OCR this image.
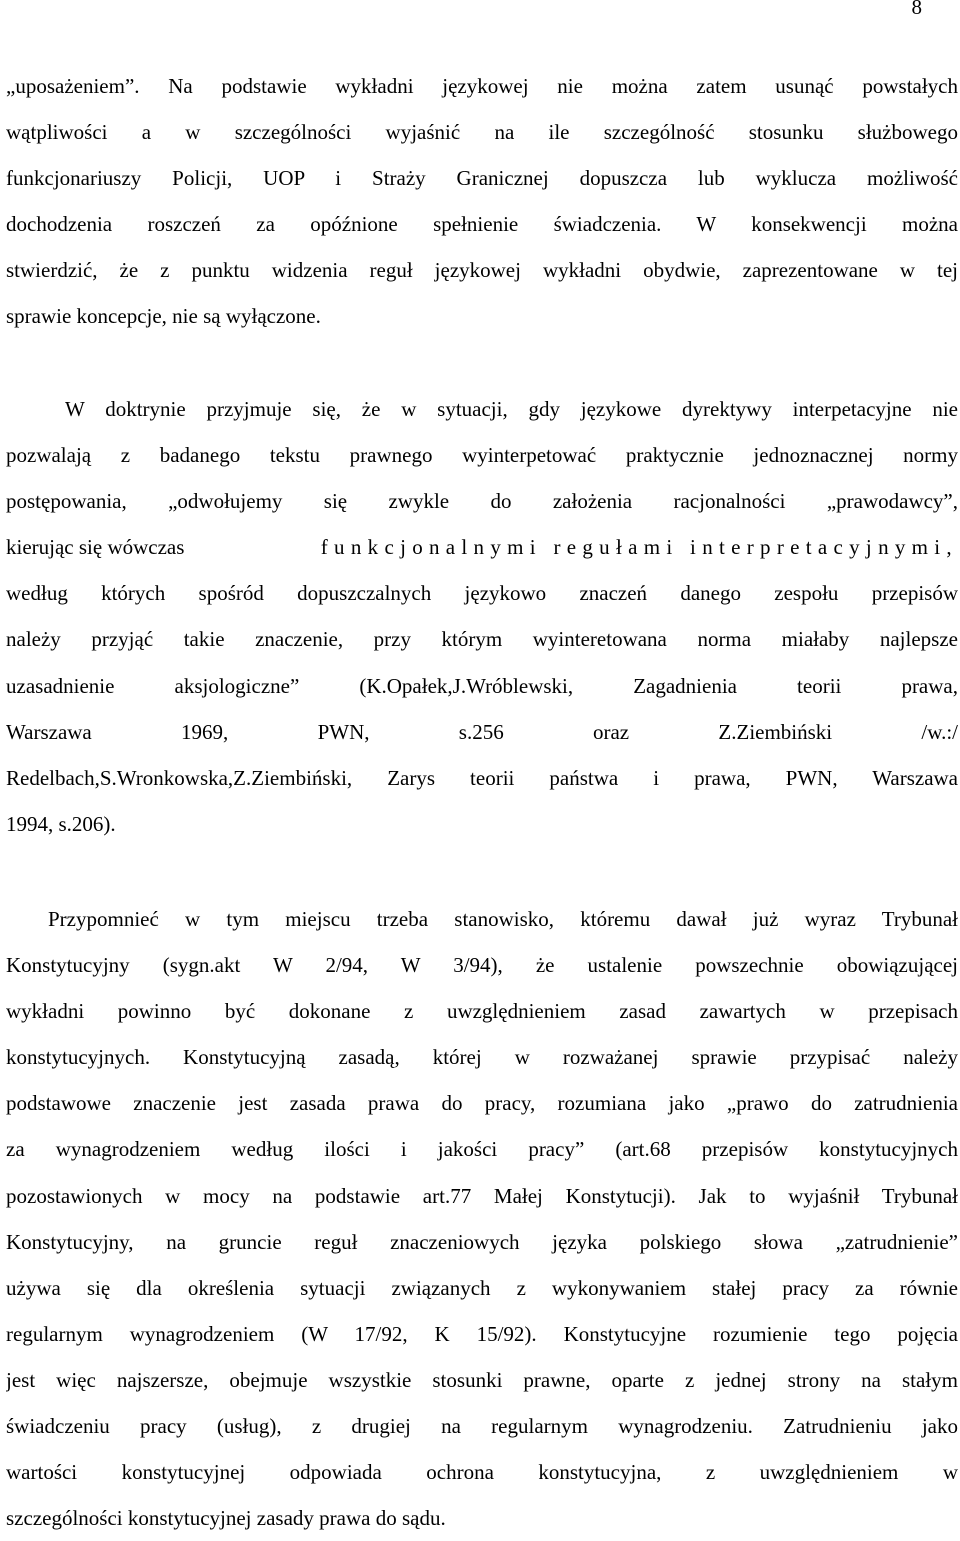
8
„uposażeniem”. Na podstawie wykładni językowej nie można zatem usunąć powstałych
wątpliwości a w szczególności wyjaśnić na ile szczególność stosunku służbowego
funkcjonariuszy Policji, UOP i Straży Granicznej dopuszcza lub wyklucza możliwość
dochodzenia roszczeń za opóźnione spełnienie świadczenia. W konsekwencji można
stwierdzić, że z punktu widzenia reguł językowej wykładni obydwie, zaprezentowane w tej
sprawie koncepcje, nie są wyłączone.
W doktrynie przyjmuje się, że w sytuacji, gdy językowe dyrektywy interpetacyjne nie
pozwalają z badanego tekstu prawnego wyinterpetować praktycznie jednoznacznej normy
postępowania, „odwołujemy się zwykle do założenia racjonalności „prawodawcy”,
kierując się wówczas	funkcjonalnymi regułami interpretacyjnymi,
według których spośród dopuszczalnych językowo znaczeń danego zespołu przepisów
należy przyjąć takie znaczenie, przy którym wyinteretowana norma miałaby najlepsze
uzasadnienie aksjologiczne” (K.Opałek,J.Wróblewski, Zagadnienia teorii prawa,
Warszawa 1969, PWN, s.256 oraz Z.Ziembiński /w.:/
Redelbach,S.Wronkowska,Z.Ziembiński, Zarys teorii państwa i prawa, PWN, Warszawa
1994, s.206).
Przypomnieć w tym miejscu trzeba stanowisko, któremu dawał już wyraz Trybunał
Konstytucyjny (sygn.akt W 2/94, W 3/94), że ustalenie powszechnie obowiązującej
wykładni powinno być dokonane z uwzględnieniem zasad zawartych w przepisach
konstytucyjnych. Konstytucyjną zasadą, której w rozważanej sprawie przypisać należy
podstawowe znaczenie jest zasada prawa do pracy, rozumiana jako „prawo do zatrudnienia
za wynagrodzeniem według ilości i jakości pracy” (art.68 przepisów konstytucyjnych
pozostawionych w mocy na podstawie art.77 Małej Konstytucji). Jak to wyjaśnił Trybunał
Konstytucyjny, na gruncie reguł znaczeniowych języka polskiego słowa „zatrudnienie”
używa się dla określenia sytuacji związanych z wykonywaniem stałej pracy za równie
regularnym wynagrodzeniem (W 17/92, K 15/92). Konstytucyjne rozumienie tego pojęcia
jest więc najszersze, obejmuje wszystkie stosunki prawne, oparte z jednej strony na stałym
świadczeniu pracy (usług), z drugiej na regularnym wynagrodzeniu. Zatrudnieniu jako
wartości konstytucyjnej odpowiada ochrona konstytucyjna, z uwzględnieniem w
szczególności konstytucyjnej zasady prawa do sądu.
